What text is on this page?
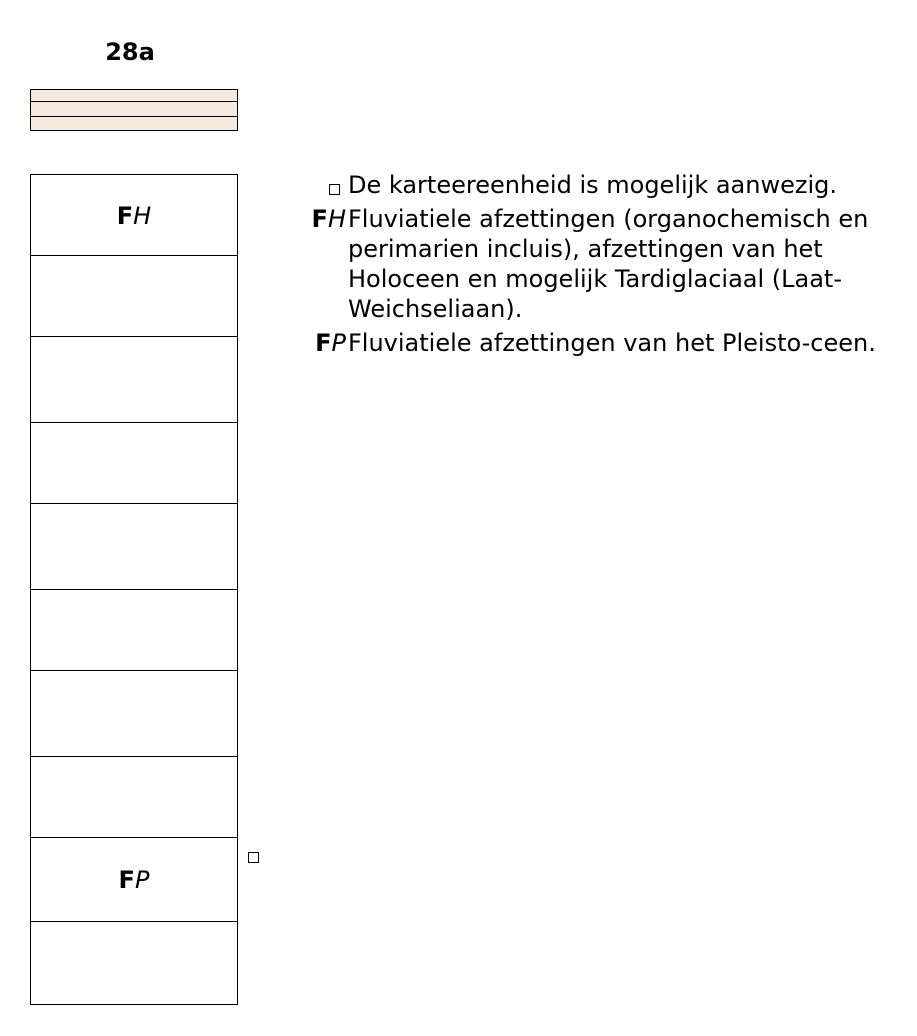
28a
FH
FP
De karteereenheid is mogelijk aanwezig.
FH Fluviatiele afzettingen (organochemisch en perimarien incluis), afzettingen van het Holoceen en mogelijk Tardiglaciaal (Laat-Weichseliaan).
FP Fluviatiele afzettingen van het Pleisto-ceen.
